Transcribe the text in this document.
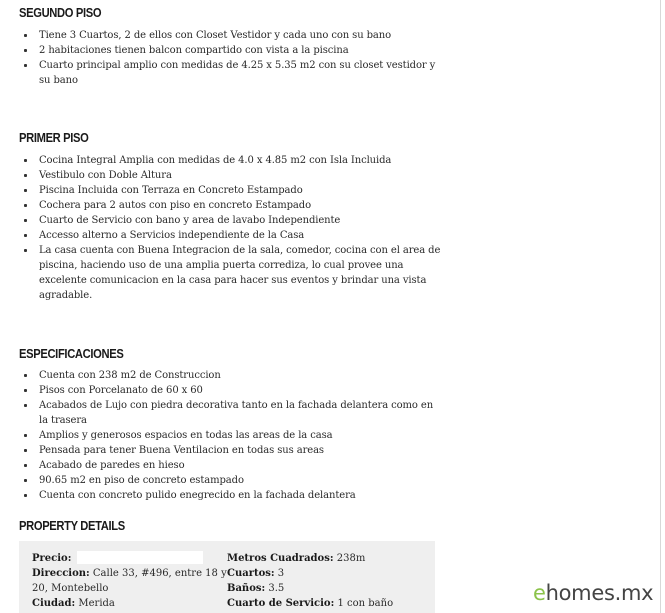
SEGUNDO PISO
Tiene 3 Cuartos, 2 de ellos con Closet Vestidor y cada uno con su bano
2 habitaciones tienen balcon compartido con vista a la piscina
Cuarto principal amplio con medidas de 4.25 x 5.35 m2 con su closet vestidor y su bano
PRIMER PISO
Cocina Integral Amplia con medidas de 4.0 x 4.85 m2 con Isla Incluida
Vestibulo con Doble Altura
Piscina Incluida con Terraza en Concreto Estampado
Cochera para 2 autos con piso en concreto Estampado
Cuarto de Servicio con bano y area de lavabo Independiente
Accesso alterno a Servicios independiente de la Casa
La casa cuenta con Buena Integracion de la sala, comedor, cocina con el area de piscina, haciendo uso de una amplia puerta corrediza, lo cual provee una excelente comunicacion en la casa para hacer sus eventos y brindar una vista agradable.
ESPECIFICACIONES
Cuenta con 238 m2 de Construccion
Pisos con Porcelanato de 60 x 60
Acabados de Lujo con piedra decorativa tanto en la fachada delantera como en la trasera
Amplios y generosos espacios en todas las areas de la casa
Pensada para tener Buena Ventilacion en todas sus areas
Acabado de paredes en hieso
90.65 m2 en piso de concreto estampado
Cuenta con concreto pulido enegrecido en la fachada delantera
PROPERTY DETAILS
Precio:
Direccion: Calle 33, #496, entre 18 y
20, Montebello
Ciudad: Merida
Metros Cuadrados: 238m
Cuartos: 3
Baños: 3.5
Cuarto de Servicio: 1 con baño	ehomes.mx
